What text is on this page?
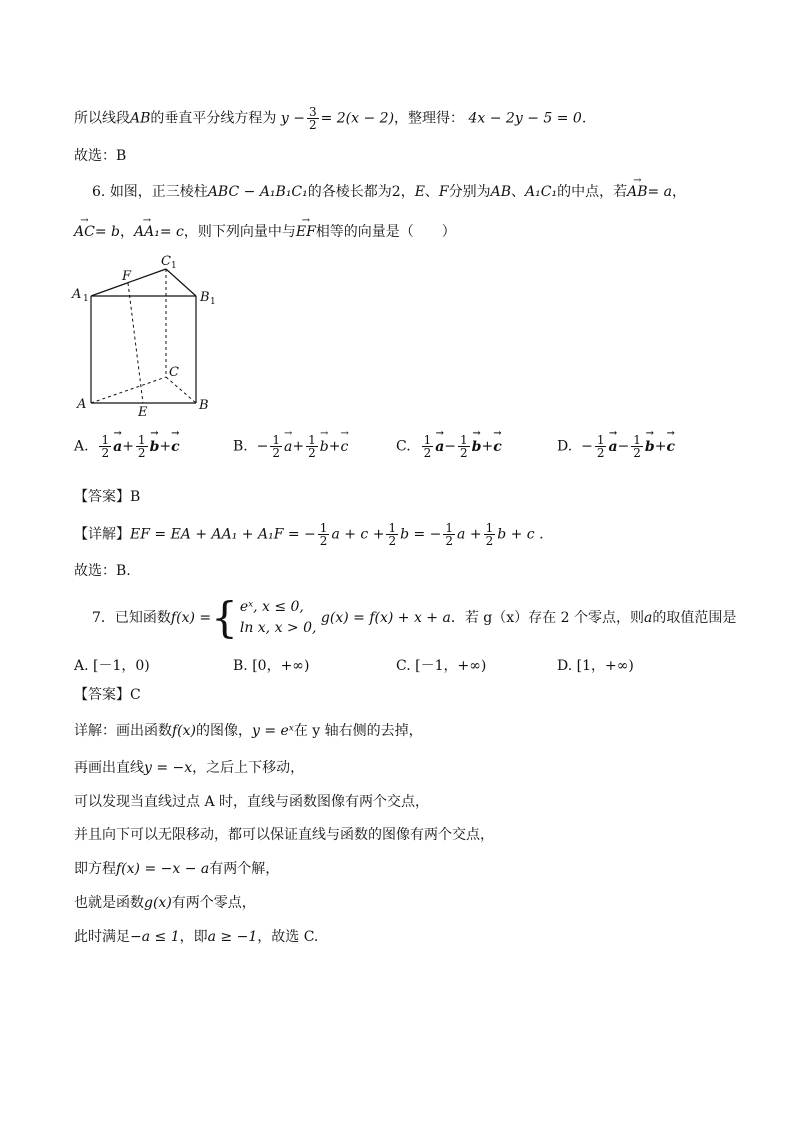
所以线段AB的垂直平分线方程为 $y - \frac{3}{2} = 2(x - 2)$，整理得： 4x − 2y − 5 = 0.
故选：B
6. 如图，正三棱柱ABC − A₁B₁C₁的各棱长都为2，E、F分别为AB、A₁C₁的中点，若→ AB= a，
→ AC= b，→ AA₁= c，则下列向量中与→ EF相等的向量是（　　）
A	B
C
A 1	B 1
C 1
E
F
A. $\frac{1}{2}$
→ $a+ \frac{1}{2}$
→ b+→ c	B. − $\frac{1}{2}$
→ $a+ \frac{1}{2}$
→ b+→ c	C. $\frac{1}{2}$
→ $a- \frac{1}{2}$
→ b+→ c	D. − $\frac{1}{2}$
→ $a- \frac{1}{2}$
→ b+→ c
【答案】B
【详解】EF = EA + AA₁ + A₁F = − $\frac{1}{2}$ $a + c + \frac{1}{2}$ b = − $\frac{1}{2}$ $a + \frac{1}{2}$ b + c .
故选：B.
7．已知函数f(x) ={ eˣ, x ≤ 0,
ln x, x > 0,
g(x) = f(x) + x + a．若 g（x）存在 2 个零点，则a的取值范围是
A. [－1，0)	B. [0，+∞)	C. [－1，+∞)	D. [1，+∞)
【答案】C
详解：画出函数f(x)的图像，y = eˣ在 y 轴右侧的去掉，
再画出直线y = −x，之后上下移动，
可以发现当直线过点 A 时，直线与函数图像有两个交点，
并且向下可以无限移动，都可以保证直线与函数的图像有两个交点，
即方程f(x) = −x − a有两个解，
也就是函数g(x)有两个零点，
此时满足−a ≤ 1，即a ≥ −1，故选 C.
